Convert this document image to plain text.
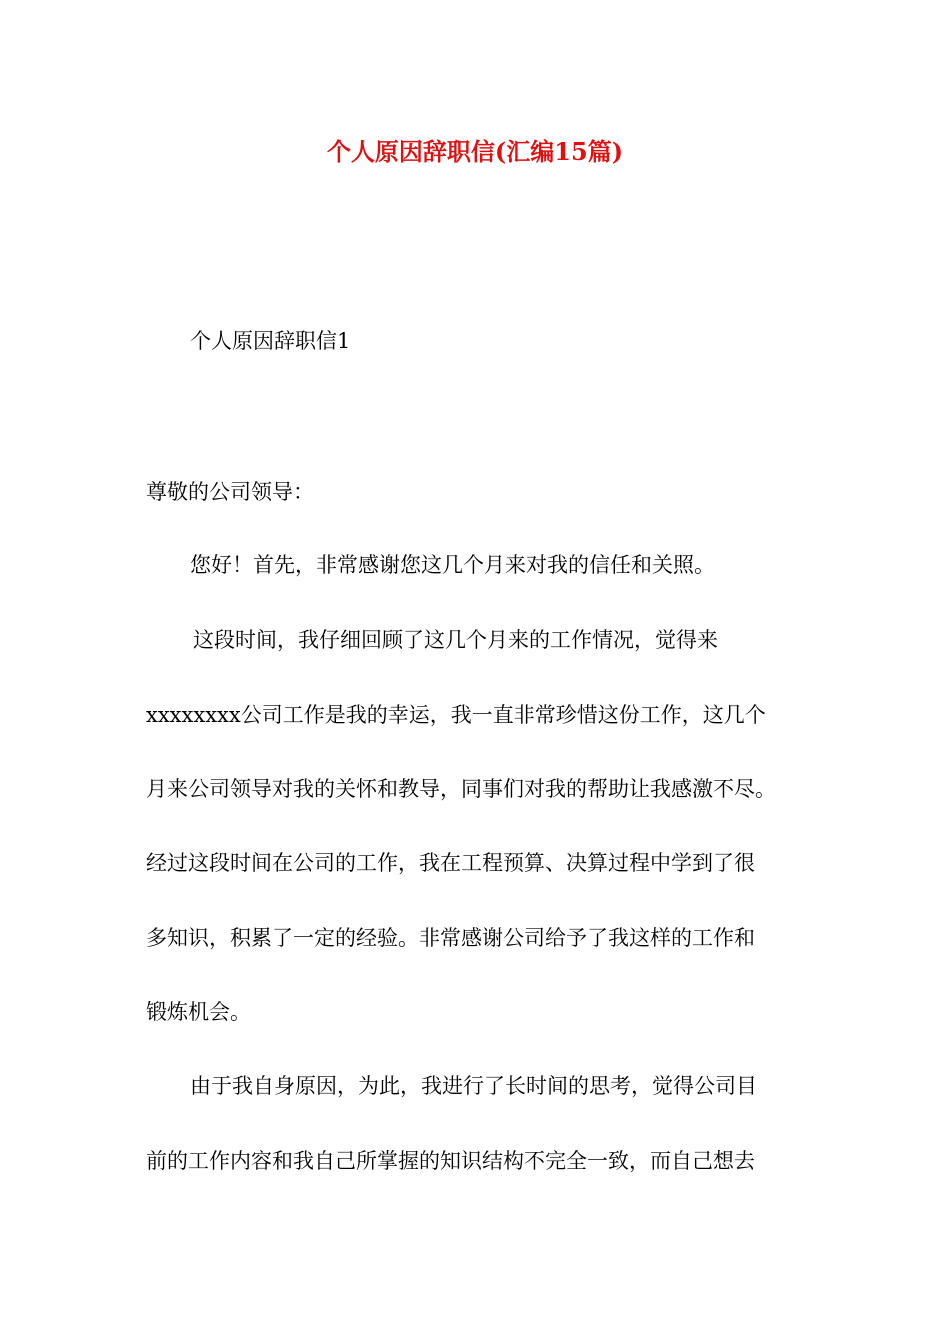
个人原因辞职信(汇编15篇)
个人原因辞职信1
尊敬的公司领导：
您好！首先，非常感谢您这几个月来对我的信任和关照。
这段时间，我仔细回顾了这几个月来的工作情况，觉得来
xxxxxxxx公司工作是我的幸运，我一直非常珍惜这份工作，这几个
月来公司领导对我的关怀和教导，同事们对我的帮助让我感激不尽。
经过这段时间在公司的工作，我在工程预算、决算过程中学到了很
多知识，积累了一定的经验。非常感谢公司给予了我这样的工作和
锻炼机会。
由于我自身原因，为此，我进行了长时间的思考，觉得公司目
前的工作内容和我自己所掌握的知识结构不完全一致，而自己想去
